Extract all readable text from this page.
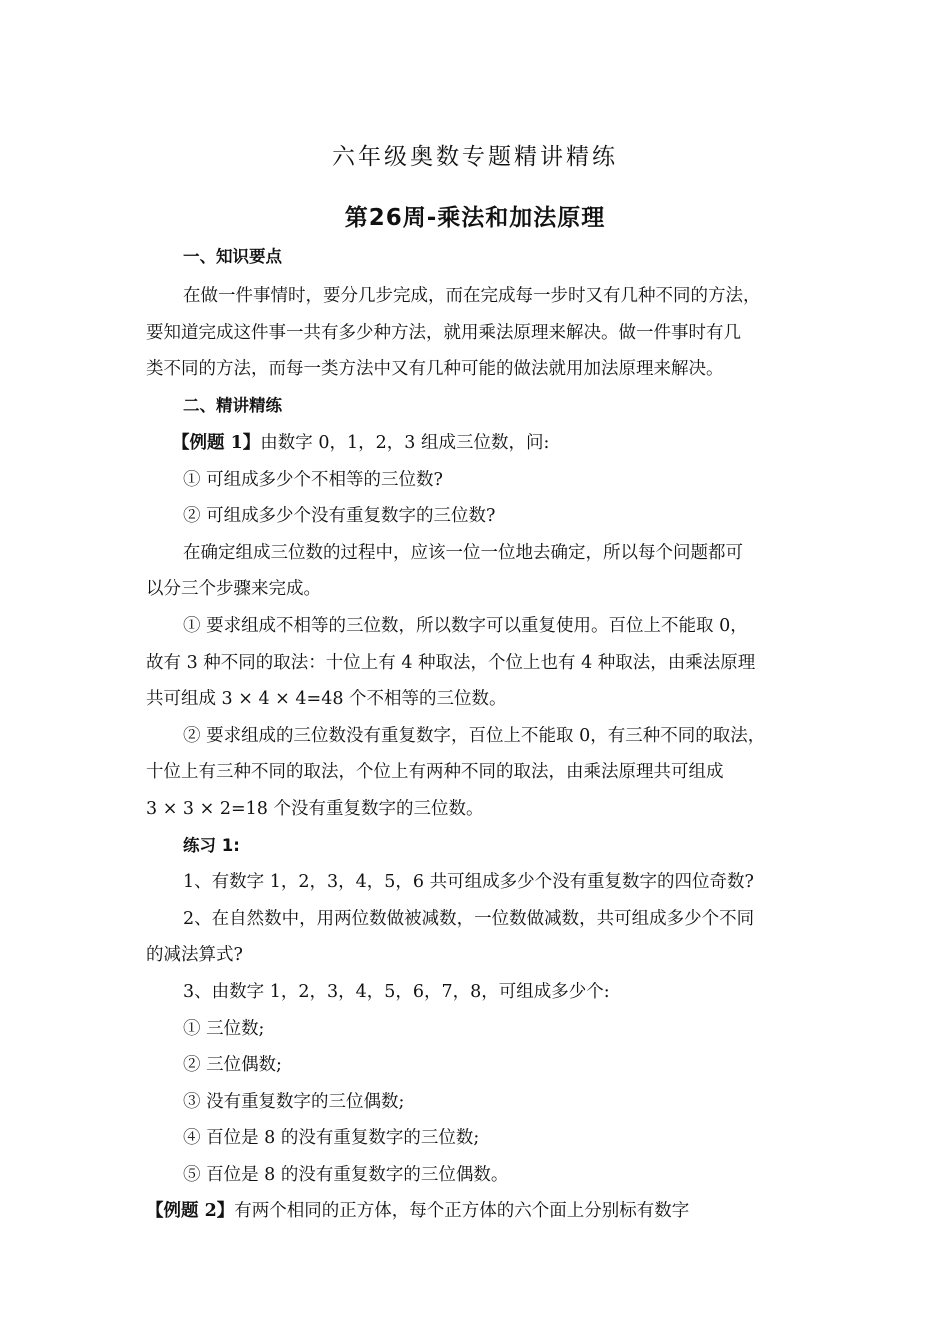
六年级奥数专题精讲精练
第26周-乘法和加法原理
一、知识要点
在做一件事情时，要分几步完成，而在完成每一步时又有几种不同的方法，
要知道完成这件事一共有多少种方法，就用乘法原理来解决。做一件事时有几
类不同的方法，而每一类方法中又有几种可能的做法就用加法原理来解决。
二、精讲精练
【例题 1】由数字 0，1，2，3 组成三位数，问:
① 可组成多少个不相等的三位数?
② 可组成多少个没有重复数字的三位数?
在确定组成三位数的过程中，应该一位一位地去确定，所以每个问题都可
以分三个步骤来完成。
① 要求组成不相等的三位数，所以数字可以重复使用。百位上不能取 0，
故有 3 种不同的取法：十位上有 4 种取法，个位上也有 4 种取法，由乘法原理
共可组成 3 × 4 × 4=48 个不相等的三位数。
② 要求组成的三位数没有重复数字，百位上不能取 0，有三种不同的取法，
十位上有三种不同的取法，个位上有两种不同的取法，由乘法原理共可组成
3 × 3 × 2=18 个没有重复数字的三位数。
练习 1:
1、有数字 1，2，3，4，5，6 共可组成多少个没有重复数字的四位奇数?
2、在自然数中，用两位数做被减数，一位数做减数，共可组成多少个不同
的减法算式?
3、由数字 1，2，3，4，5，6，7，8，可组成多少个:
① 三位数;
② 三位偶数;
③ 没有重复数字的三位偶数;
④ 百位是 8 的没有重复数字的三位数;
⑤ 百位是 8 的没有重复数字的三位偶数。
【例题 2】有两个相同的正方体，每个正方体的六个面上分别标有数字
